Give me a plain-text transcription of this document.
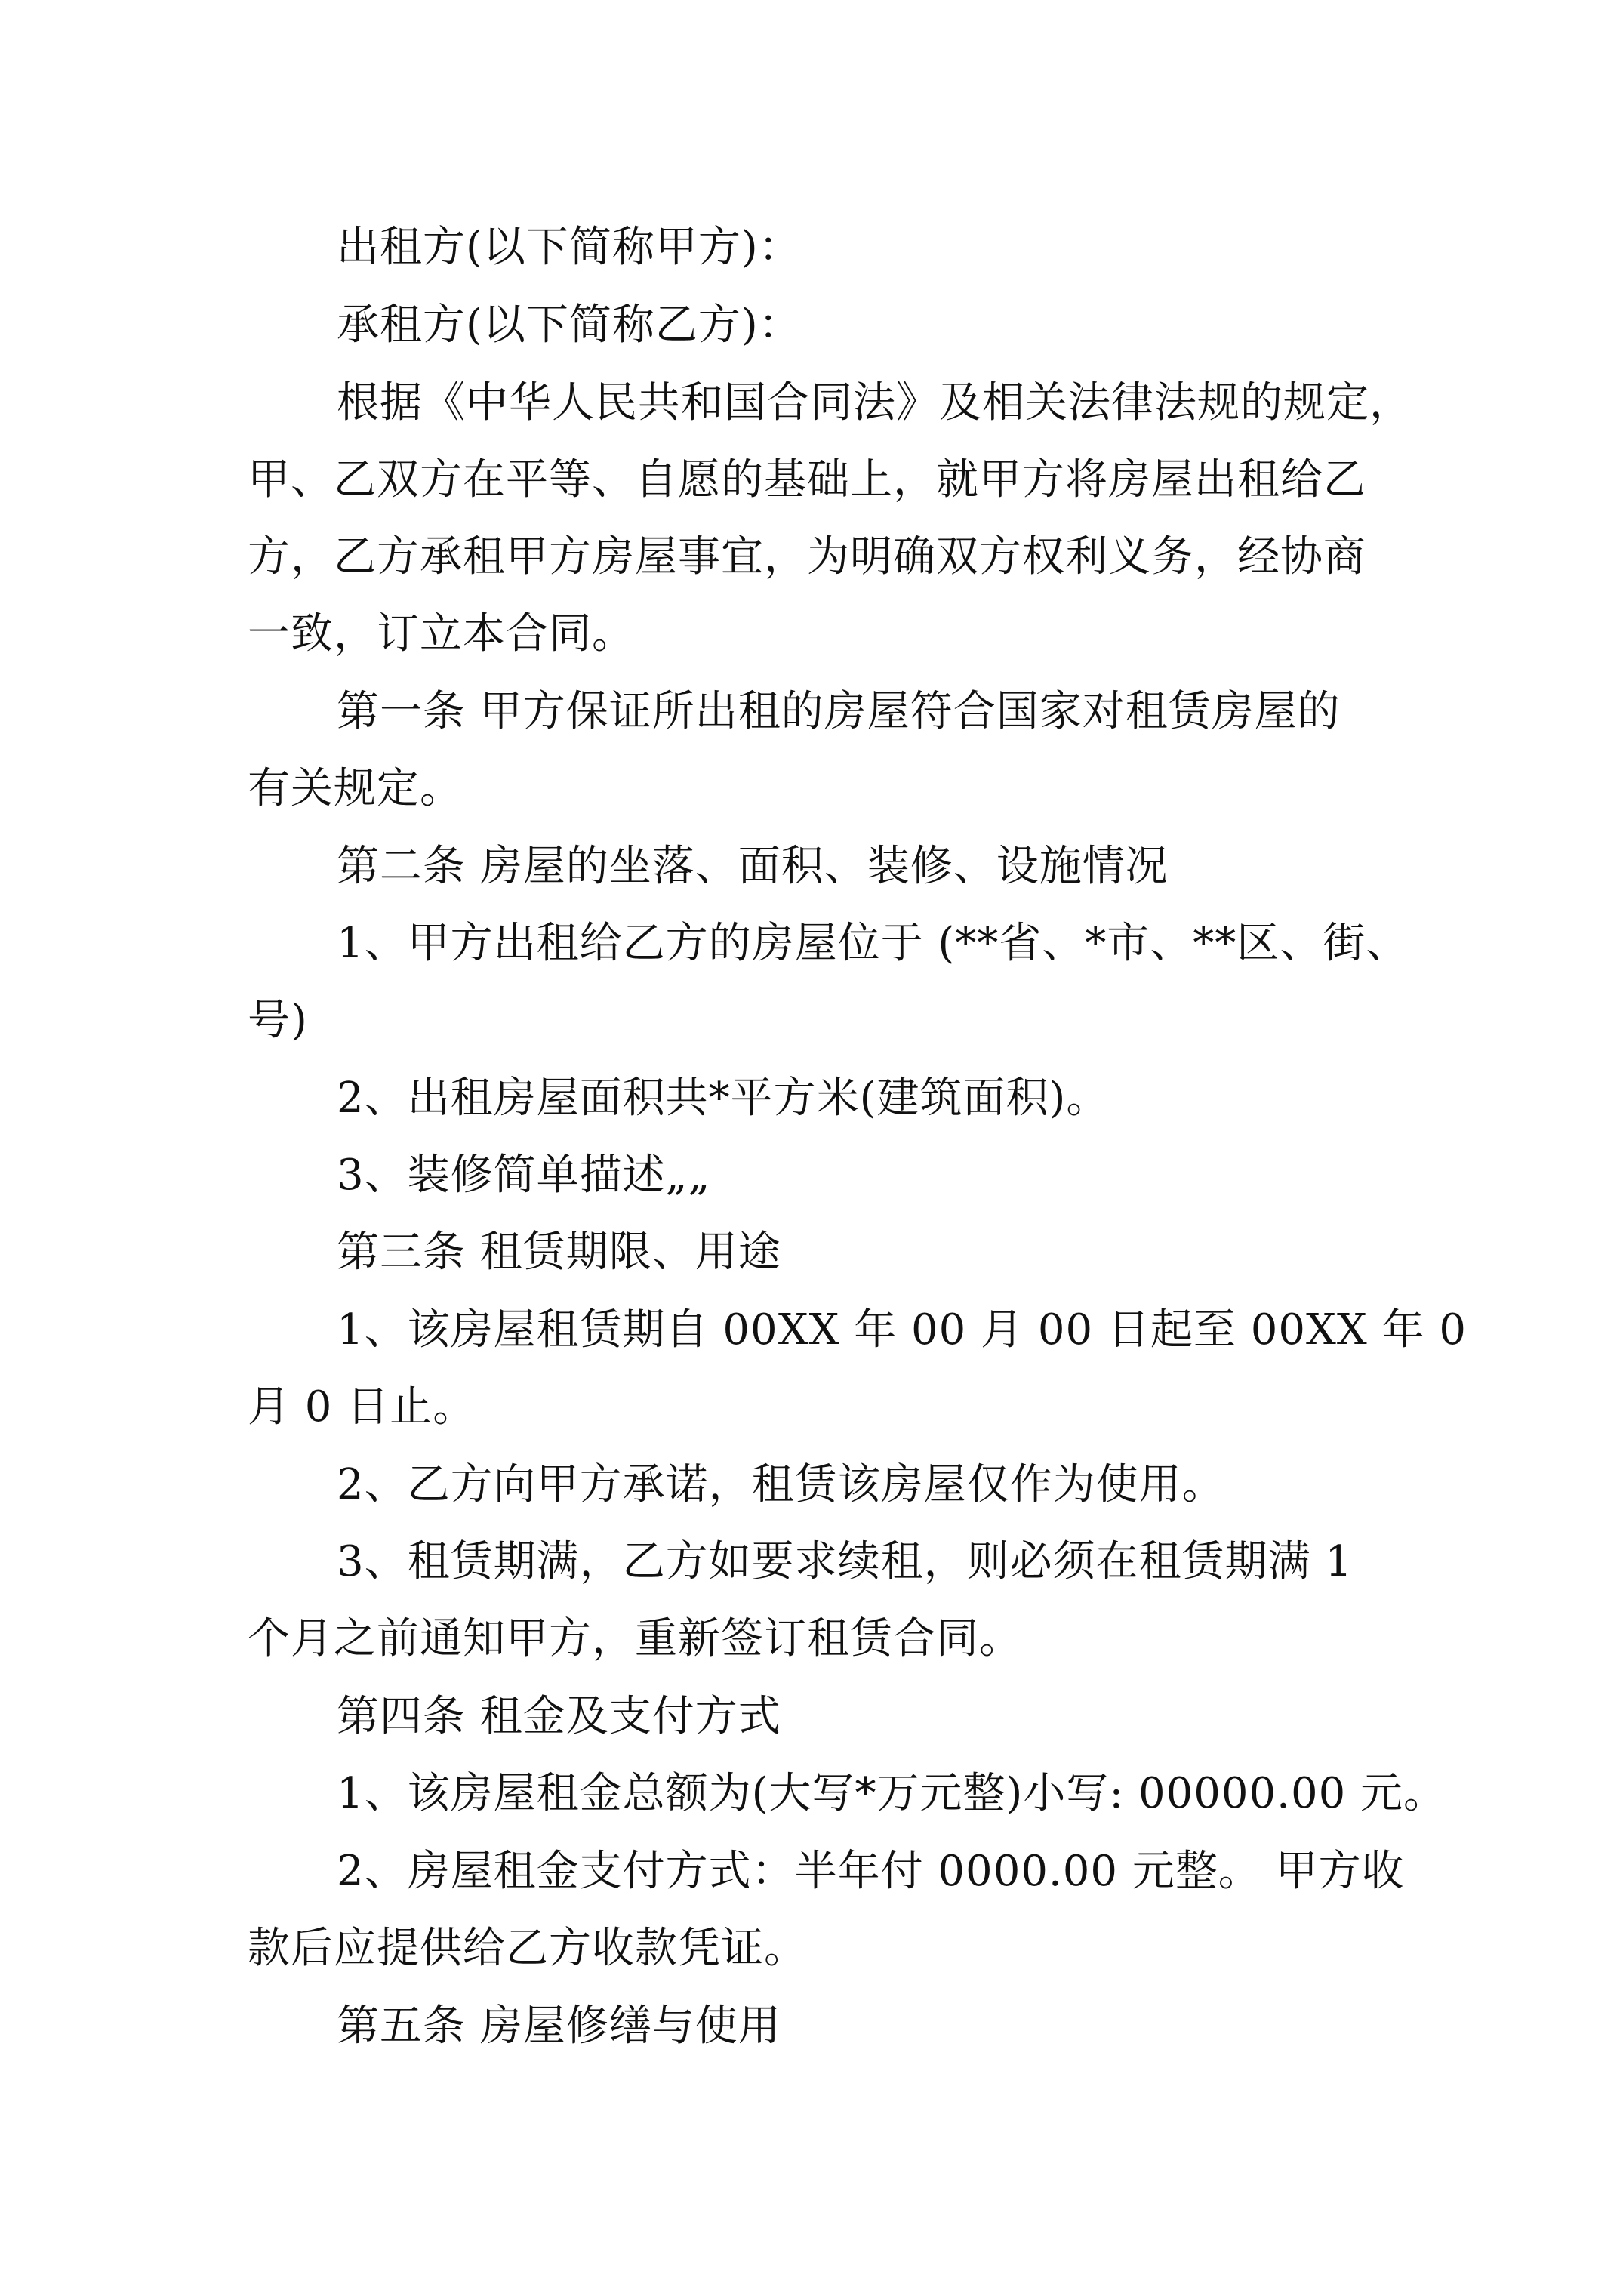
出租方(以下简称甲方)：
承租方(以下简称乙方)：
根据《中华人民共和国合同法》及相关法律法规的规定，
甲、乙双方在平等、自愿的基础上，就甲方将房屋出租给乙
方，乙方承租甲方房屋事宜，为明确双方权利义务，经协商
一致，订立本合同。
第一条 甲方保证所出租的房屋符合国家对租赁房屋的
有关规定。
第二条 房屋的坐落、面积、装修、设施情况
1、甲方出租给乙方的房屋位于 (**省、*市、**区、街、
号)
2、出租房屋面积共*平方米(建筑面积)。
3、装修简单描述„„
第三条 租赁期限、用途
1、该房屋租赁期自 00XX 年 00 月 00 日起至 00XX 年 0
月 0 日止。
2、乙方向甲方承诺，租赁该房屋仅作为使用。
3、租赁期满，乙方如要求续租，则必须在租赁期满 1
个月之前通知甲方，重新签订租赁合同。
第四条 租金及支付方式
1、该房屋租金总额为(大写*万元整)小写: 00000.00 元。
2、房屋租金支付方式：半年付 0000.00 元整。 甲方收
款后应提供给乙方收款凭证。
第五条 房屋修缮与使用
